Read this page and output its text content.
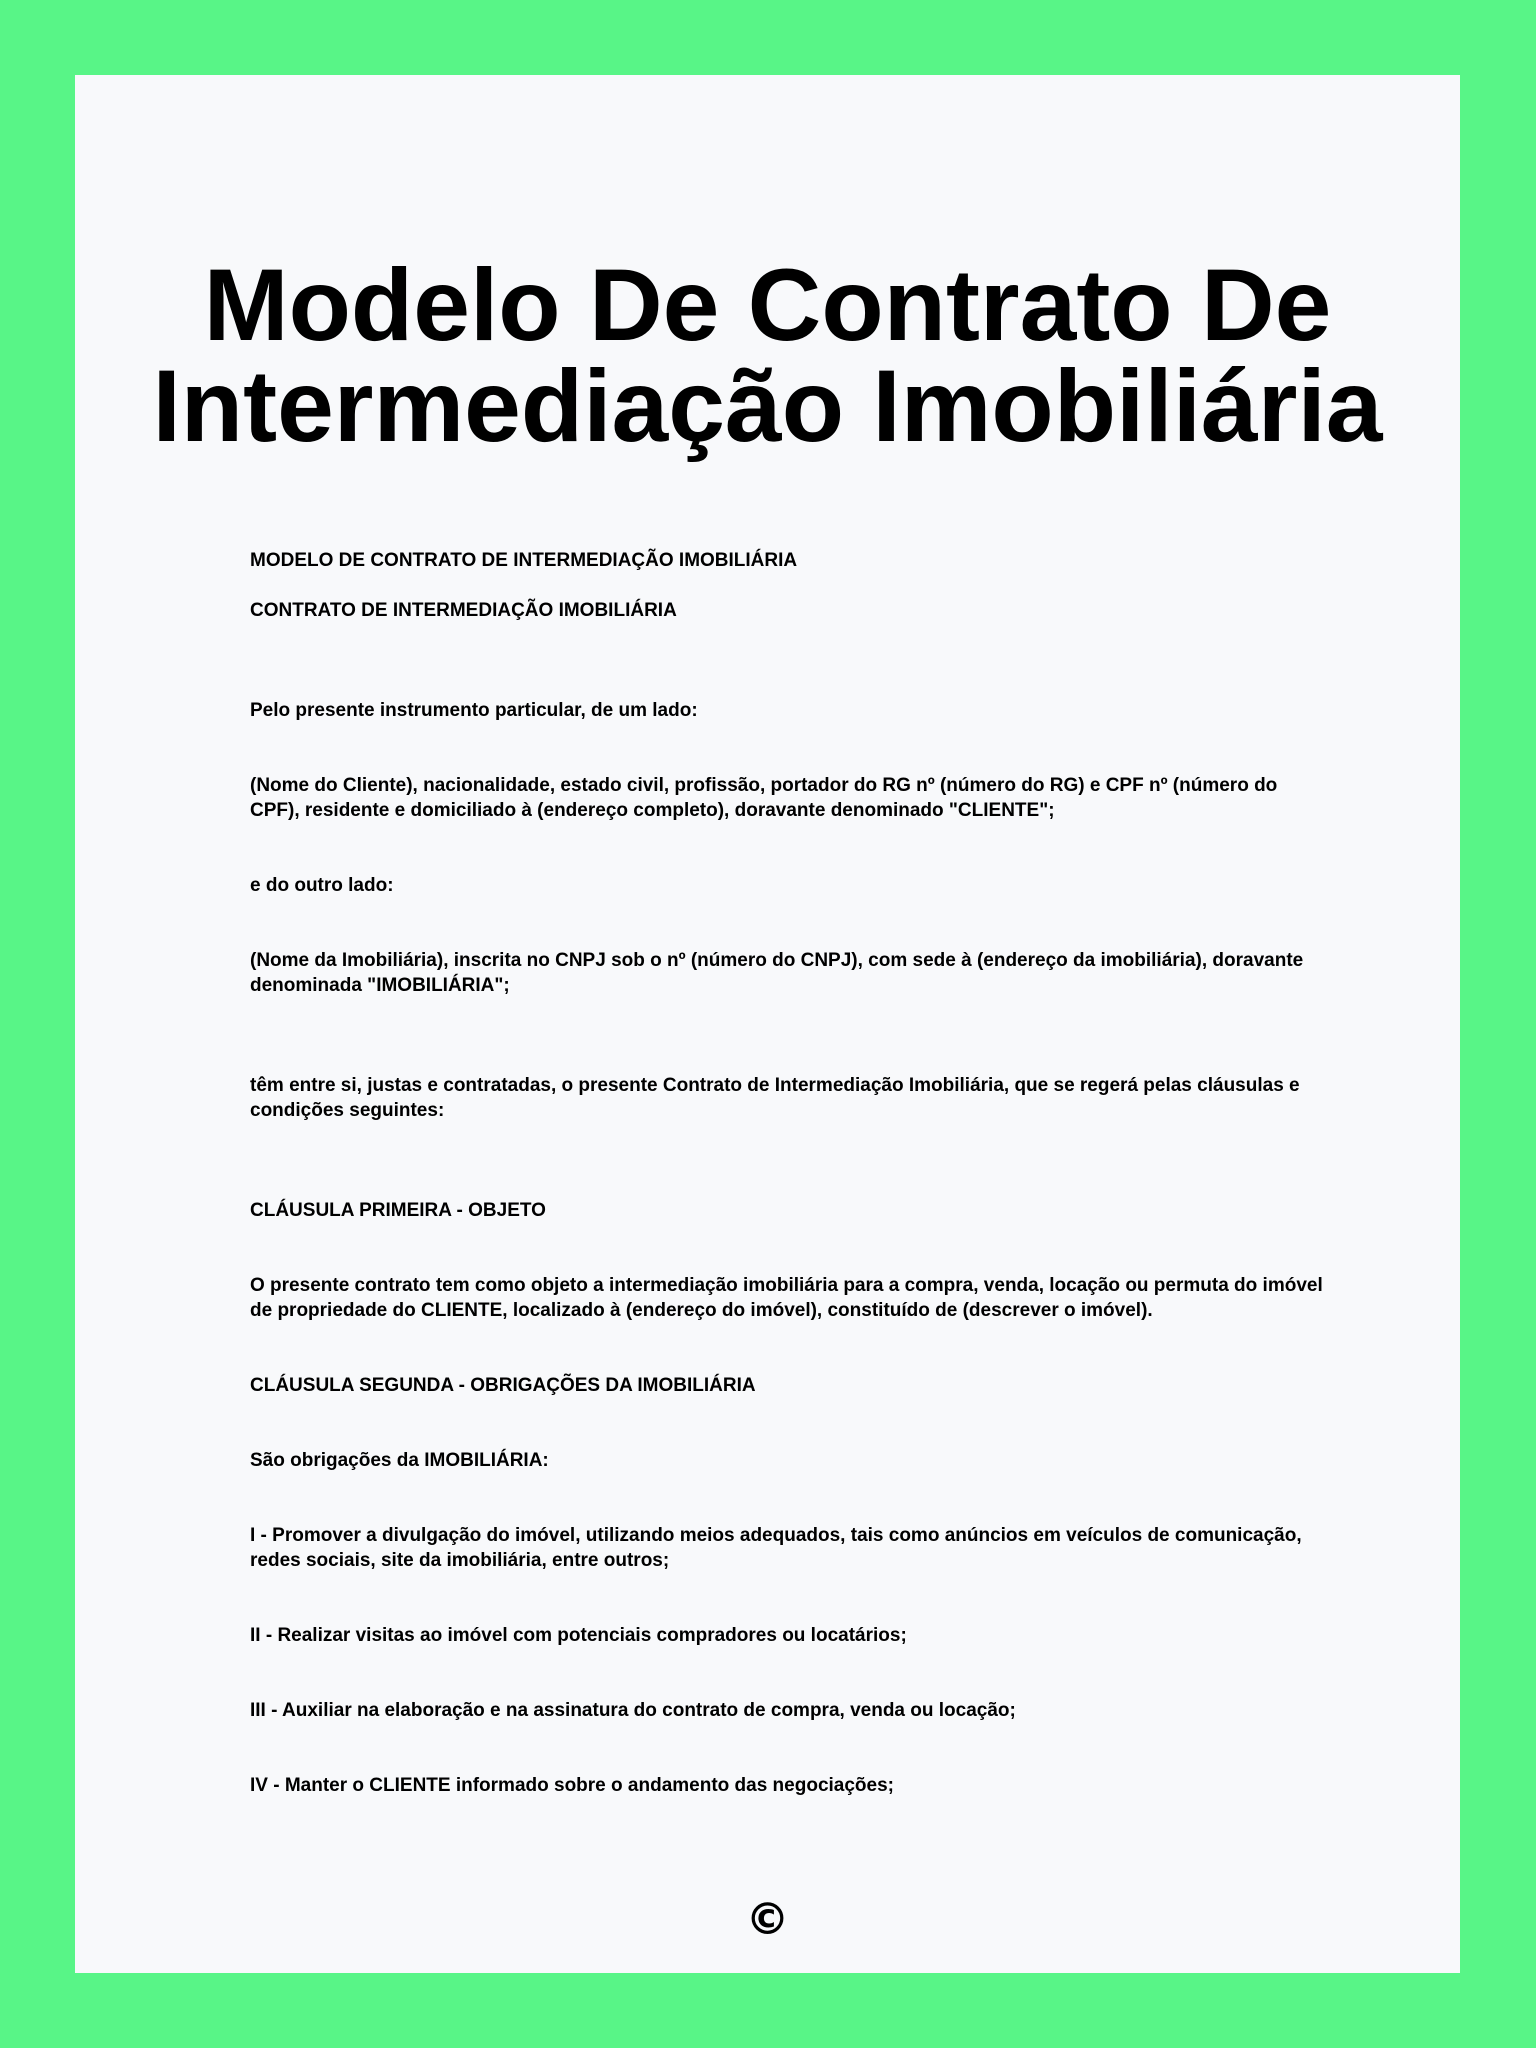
Modelo De Contrato De
Intermediação Imobiliária

MODELO DE CONTRATO DE INTERMEDIAÇÃO IMOBILIÁRIA

CONTRATO DE INTERMEDIAÇÃO IMOBILIÁRIA

Pelo presente instrumento particular, de um lado:

(Nome do Cliente), nacionalidade, estado civil, profissão, portador do RG nº (número do RG) e CPF nº (número do CPF), residente e domiciliado à (endereço completo), doravante denominado "CLIENTE";

e do outro lado:

(Nome da Imobiliária), inscrita no CNPJ sob o nº (número do CNPJ), com sede à (endereço da imobiliária), doravante denominada "IMOBILIÁRIA";

têm entre si, justas e contratadas, o presente Contrato de Intermediação Imobiliária, que se regerá pelas cláusulas e condições seguintes:

CLÁUSULA PRIMEIRA - OBJETO

O presente contrato tem como objeto a intermediação imobiliária para a compra, venda, locação ou permuta do imóvel de propriedade do CLIENTE, localizado à (endereço do imóvel), constituído de (descrever o imóvel).

CLÁUSULA SEGUNDA - OBRIGAÇÕES DA IMOBILIÁRIA

São obrigações da IMOBILIÁRIA:

I - Promover a divulgação do imóvel, utilizando meios adequados, tais como anúncios em veículos de comunicação, redes sociais, site da imobiliária, entre outros;

II - Realizar visitas ao imóvel com potenciais compradores ou locatários;

III - Auxiliar na elaboração e na assinatura do contrato de compra, venda ou locação;

IV - Manter o CLIENTE informado sobre o andamento das negociações;

©
